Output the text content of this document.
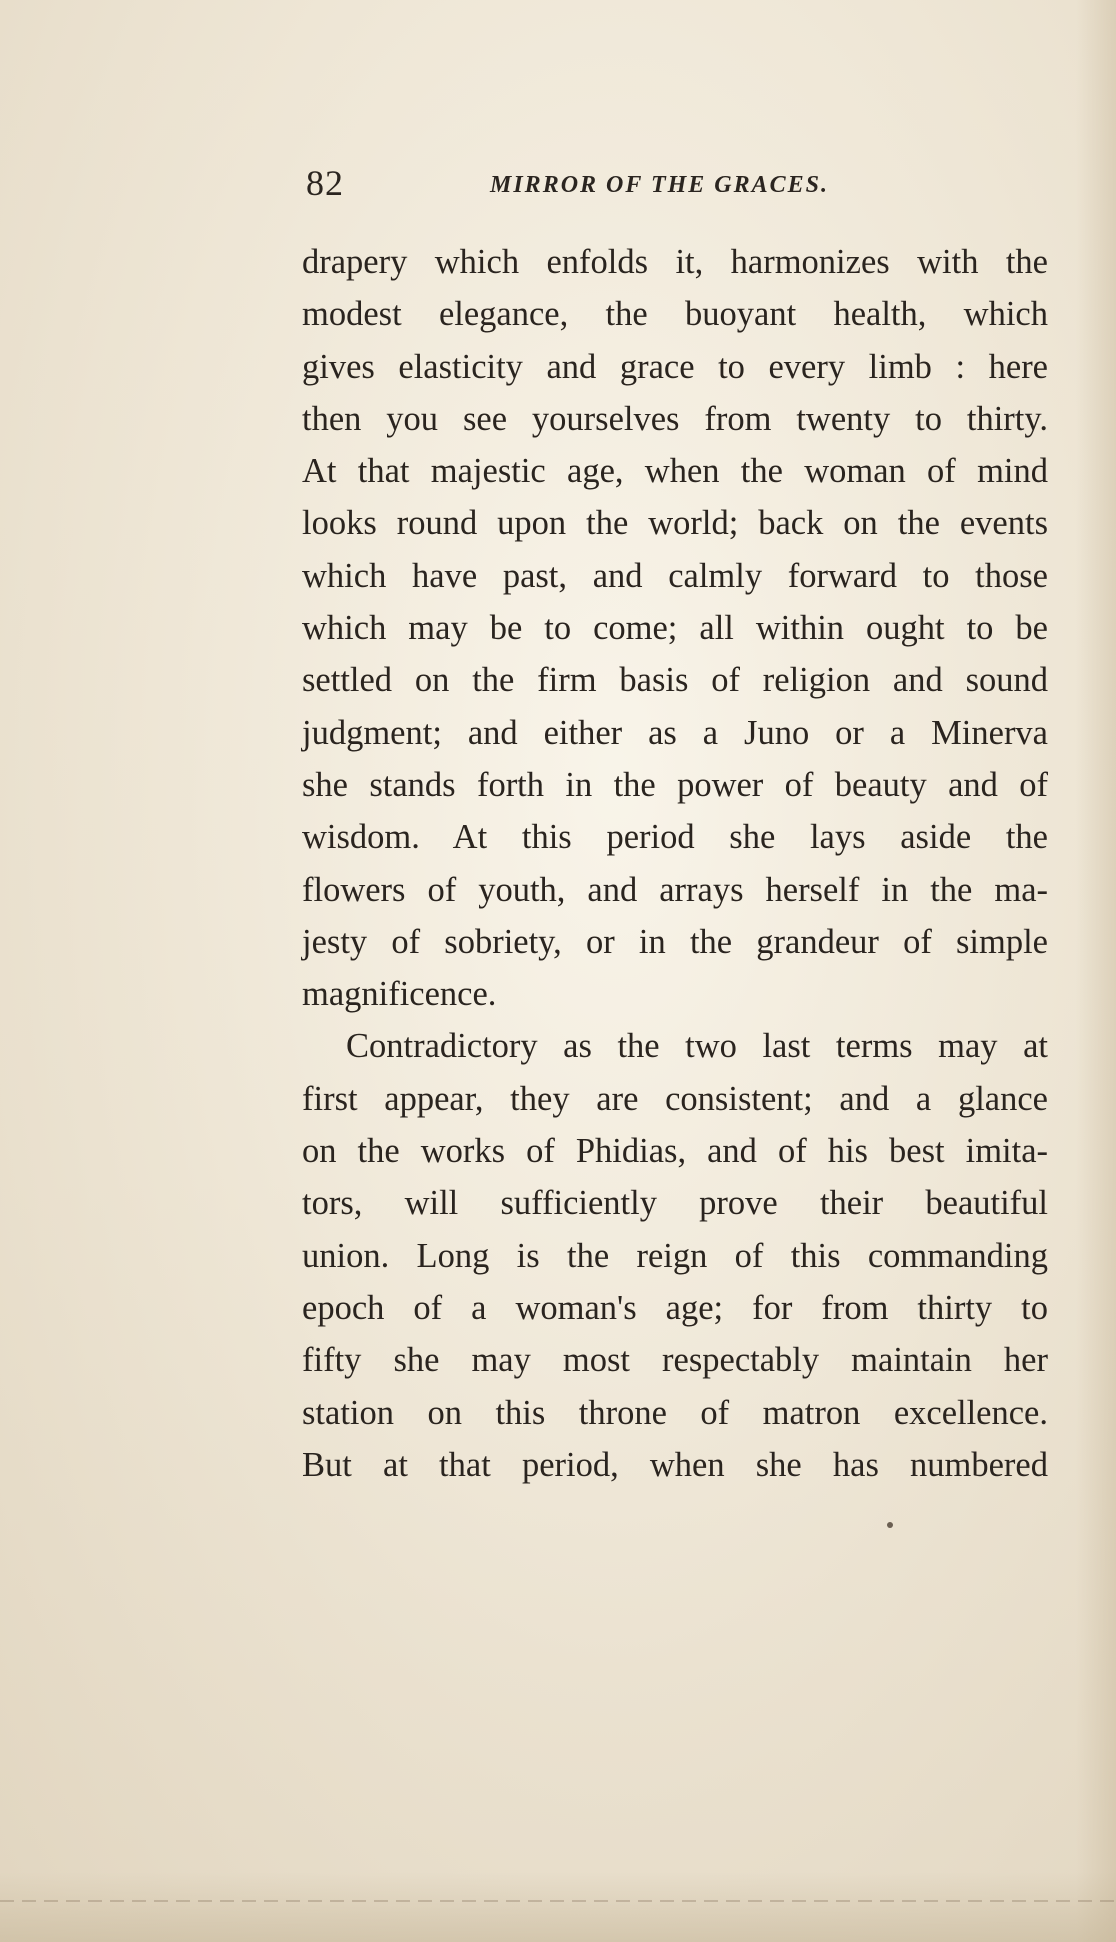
82	MIRROR OF THE GRACES.
drapery which enfolds it, harmonizes with the
modest elegance, the buoyant health, which
gives elasticity and grace to every limb : here
then you see yourselves from twenty to thirty.
At that majestic age, when the woman of mind
looks round upon the world; back on the events
which have past, and calmly forward to those
which may be to come; all within ought to be
settled on the firm basis of religion and sound
judgment; and either as a Juno or a Minerva
she stands forth in the power of beauty and of
wisdom. At this period she lays aside the
flowers of youth, and arrays herself in the ma-
jesty of sobriety, or in the grandeur of simple
magnificence.
Contradictory as the two last terms may at
first appear, they are consistent; and a glance
on the works of Phidias, and of his best imita-
tors, will sufficiently prove their beautiful
union. Long is the reign of this commanding
epoch of a woman's age; for from thirty to
fifty she may most respectably maintain her
station on this throne of matron excellence.
But at that period, when she has numbered
